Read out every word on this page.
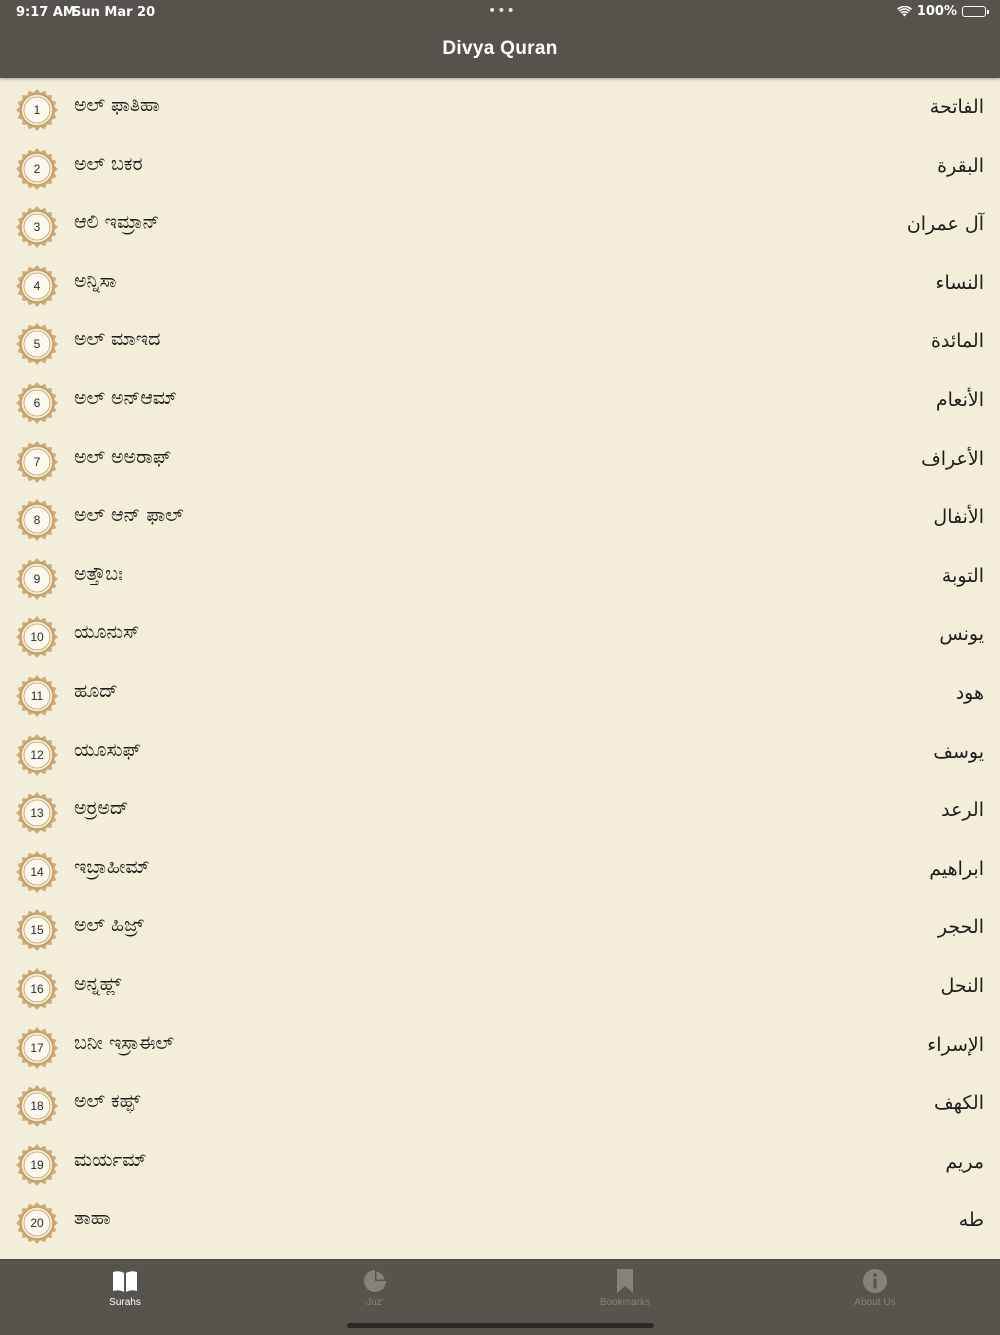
9:17 AM
Sun Mar 20	•••	100%
Divya Quran
1	ಅಲ್ ಫಾತಿಹಾ	الفاتحة
2	ಅಲ್ ಬಕರ	البقرة
3	ಆಲಿ ಇಮ್ರಾನ್	آل عمران
4	ಅನ್ನಿಸಾ	النساء
5	ಅಲ್ ಮಾಇದ	المائدة
6	ಅಲ್ ಅನ್‌ಆಮ್	الأنعام
7	ಅಲ್ ಅಅರಾಫ್	الأعراف
8	ಅಲ್ ಆನ್ ಫಾಲ್	الأنفال
9	ಅತ್ತೌಬಃ	التوبة
10	ಯೂನುಸ್	يونس
11	ಹೂದ್	هود
12	ಯೂಸುಫ್	يوسف
13	ಅರ್ರಅದ್	الرعد
14	ಇಬ್ರಾಹೀಮ್	ابراهيم
15	ಅಲ್ ಹಿಜ್ರ್	الحجر
16	ಅನ್ನಹ್ಲ್	النحل
17	ಬನೀ ಇಸ್ರಾಈಲ್	الإسراء
18	ಅಲ್ ಕಹ್ಫ್	الكهف
19	ಮರ್ಯಮ್	مريم
20	ತಾಹಾ	طه
Surahs	Juz'	Bookmarks	About Us
